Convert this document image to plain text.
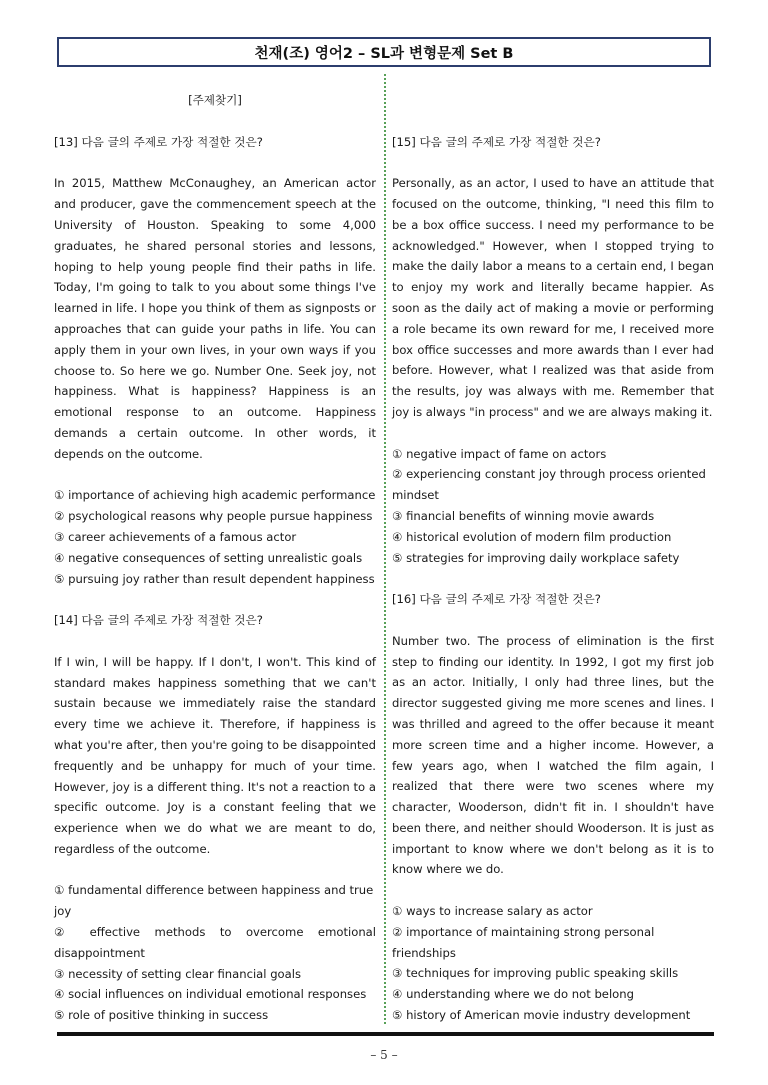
천재(조) 영어2 – SL과 변형문제 Set B
[주제찾기]
[13] 다음 글의 주제로 가장 적절한 것은?
In 2015, Matthew McConaughey, an American actor and producer, gave the commencement speech at the University of Houston. Speaking to some 4,000 graduates, he shared personal stories and lessons, hoping to help young people find their paths in life. Today, I'm going to talk to you about some things I've learned in life. I hope you think of them as signposts or approaches that can guide your paths in life. You can apply them in your own lives, in your own ways if you choose to. So here we go. Number One. Seek joy, not happiness. What is happiness? Happiness is an emotional response to an outcome. Happiness demands a certain outcome. In other words, it depends on the outcome.
① importance of achieving high academic performance
② psychological reasons why people pursue happiness
③ career achievements of a famous actor
④ negative consequences of setting unrealistic goals
⑤ pursuing joy rather than result dependent happiness
[14] 다음 글의 주제로 가장 적절한 것은?
If I win, I will be happy. If I don't, I won't. This kind of standard makes happiness something that we can't sustain because we immediately raise the standard every time we achieve it. Therefore, if happiness is what you're after, then you're going to be disappointed frequently and be unhappy for much of your time. However, joy is a different thing. It's not a reaction to a specific outcome. Joy is a constant feeling that we experience when we do what we are meant to do, regardless of the outcome.
① fundamental difference between happiness and true joy
② effective methods to overcome emotional disappointment
③ necessity of setting clear financial goals
④ social influences on individual emotional responses
⑤ role of positive thinking in success
[15] 다음 글의 주제로 가장 적절한 것은?
Personally, as an actor, I used to have an attitude that focused on the outcome, thinking, "I need this film to be a box office success. I need my performance to be acknowledged." However, when I stopped trying to make the daily labor a means to a certain end, I began to enjoy my work and literally became happier. As soon as the daily act of making a movie or performing a role became its own reward for me, I received more box office successes and more awards than I ever had before. However, what I realized was that aside from the results, joy was always with me. Remember that joy is always "in process" and we are always making it.
① negative impact of fame on actors
② experiencing constant joy through process oriented mindset
③ financial benefits of winning movie awards
④ historical evolution of modern film production
⑤ strategies for improving daily workplace safety
[16] 다음 글의 주제로 가장 적절한 것은?
Number two. The process of elimination is the first step to finding our identity. In 1992, I got my first job as an actor. Initially, I only had three lines, but the director suggested giving me more scenes and lines. I was thrilled and agreed to the offer because it meant more screen time and a higher income. However, a few years ago, when I watched the film again, I realized that there were two scenes where my character, Wooderson, didn't fit in. I shouldn't have been there, and neither should Wooderson. It is just as important to know where we don't belong as it is to know where we do.
① ways to increase salary as actor
② importance of maintaining strong personal friendships
③ techniques for improving public speaking skills
④ understanding where we do not belong
⑤ history of American movie industry development
– 5 –
